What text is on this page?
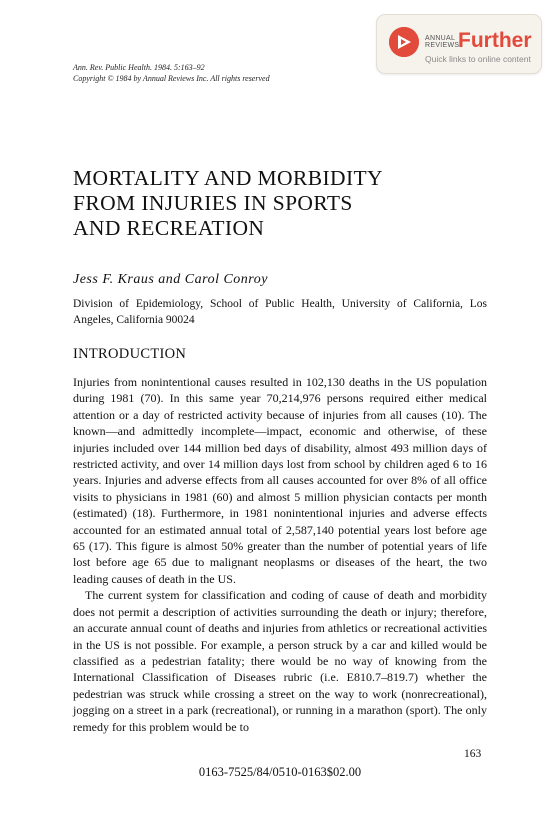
ANNUAL
REVIEWS
Further
Quick links to online content
Ann. Rev. Public Health. 1984. 5:163–92
Copyright © 1984 by Annual Reviews Inc. All rights reserved
MORTALITY AND MORBIDITY
FROM INJURIES IN SPORTS
AND RECREATION
Jess F. Kraus and Carol Conroy
Division of Epidemiology, School of Public Health, University of California, Los Angeles, California 90024
INTRODUCTION

Injuries from nonintentional causes resulted in 102,130 deaths in the US population during 1981 (70). In this same year 70,214,976 persons required either medical attention or a day of restricted activity because of injuries from all causes (10). The known—and admittedly incomplete—impact, economic and otherwise, of these injuries included over 144 million bed days of disability, almost 493 million days of restricted activity, and over 14 million days lost from school by children aged 6 to 16 years. Injuries and adverse effects from all causes accounted for over 8% of all office visits to physicians in 1981 (60) and almost 5 million physician contacts per month (estimated) (18). Furthermore, in 1981 nonintentional injuries and adverse effects accounted for an estimated annual total of 2,587,140 potential years lost before age 65 (17). This figure is almost 50% greater than the number of potential years of life lost before age 65 due to malignant neoplasms or diseases of the heart, the two leading causes of death in the US.

The current system for classification and coding of cause of death and morbidity does not permit a description of activities surrounding the death or injury; therefore, an accurate annual count of deaths and injuries from athletics or recreational activities in the US is not possible. For example, a person struck by a car and killed would be classified as a pedestrian fatality; there would be no way of knowing from the International Classification of Diseases rubric (i.e. E810.7–819.7) whether the pedestrian was struck while crossing a street on the way to work (nonrecreational), jogging on a street in a park (recreational), or running in a marathon (sport). The only remedy for this problem would be to

163
0163-7525/84/0510-0163$02.00
